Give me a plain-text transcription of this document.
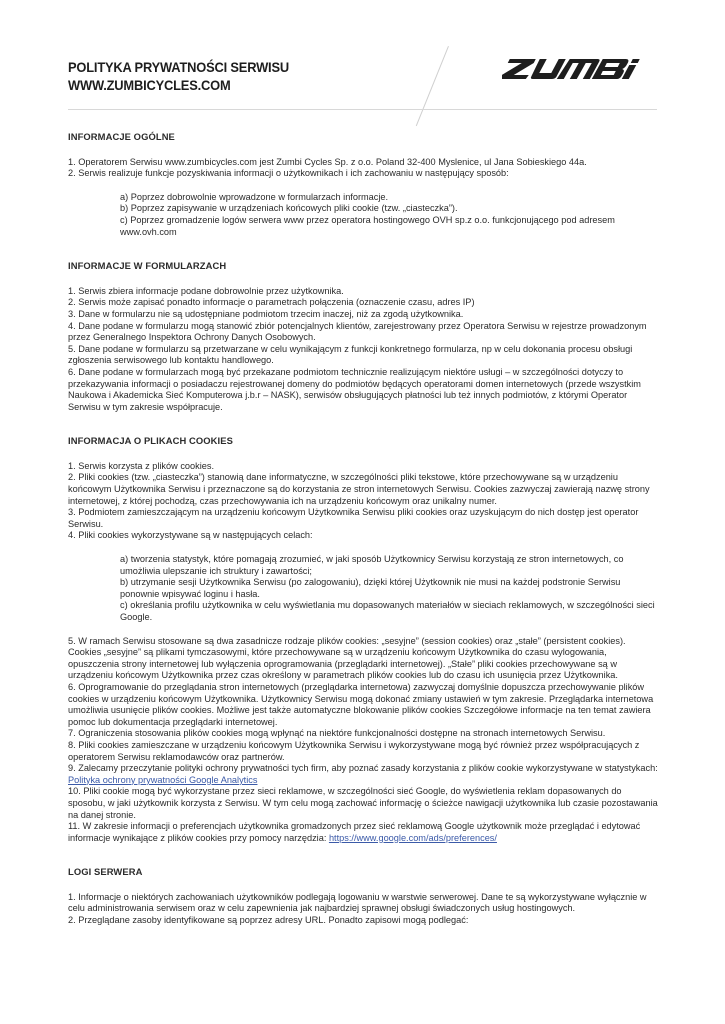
POLITYKA PRYWATNOŚCI SERWISU
WWW.ZUMBICYCLES.COM
INFORMACJE OGÓLNE

1. Operatorem Serwisu www.zumbicycles.com jest Zumbi Cycles Sp. z o.o. Poland 32-400 Myslenice, ul Jana Sobieskiego 44a.

2. Serwis realizuje funkcje pozyskiwania informacji o użytkownikach i ich zachowaniu w następujący sposób:

a) Poprzez dobrowolnie wprowadzone w formularzach informacje.

b) Poprzez zapisywanie w urządzeniach końcowych pliki cookie (tzw. „ciasteczka”).

c) Poprzez gromadzenie logów serwera www przez operatora hostingowego OVH sp.z o.o. funkcjonującego pod adresem www.ovh.com

INFORMACJE W FORMULARZACH

1. Serwis zbiera informacje podane dobrowolnie przez użytkownika.

2. Serwis może zapisać ponadto informacje o parametrach połączenia (oznaczenie czasu, adres IP)

3. Dane w formularzu nie są udostępniane podmiotom trzecim inaczej, niż za zgodą użytkownika.

4. Dane podane w formularzu mogą stanowić zbiór potencjalnych klientów, zarejestrowany przez Operatora Serwisu w rejestrze prowadzonym przez Generalnego Inspektora Ochrony Danych Osobowych.

5. Dane podane w formularzu są przetwarzane w celu wynikającym z funkcji konkretnego formularza, np w celu dokonania procesu obsługi zgłoszenia serwisowego lub kontaktu handlowego.

6. Dane podane w formularzach mogą być przekazane podmiotom technicznie realizującym niektóre usługi – w szczególności dotyczy to przekazywania informacji o posiadaczu rejestrowanej domeny do podmiotów będących operatorami domen internetowych (przede wszystkim Naukowa i Akademicka Sieć Komputerowa j.b.r – NASK), serwisów obsługujących płatności lub też innych podmiotów, z którymi Operator Serwisu w tym zakresie współpracuje.

INFORMACJA O PLIKACH COOKIES

1. Serwis korzysta z plików cookies.

2. Pliki cookies (tzw. „ciasteczka”) stanowią dane informatyczne, w szczególności pliki tekstowe, które przechowywane są w urządzeniu końcowym Użytkownika Serwisu i przeznaczone są do korzystania ze stron internetowych Serwisu. Cookies zazwyczaj zawierają nazwę strony internetowej, z której pochodzą, czas przechowywania ich na urządzeniu końcowym oraz unikalny numer.

3. Podmiotem zamieszczającym na urządzeniu końcowym Użytkownika Serwisu pliki cookies oraz uzyskującym do nich dostęp jest operator Serwisu.

4. Pliki cookies wykorzystywane są w następujących celach:

a) tworzenia statystyk, które pomagają zrozumieć, w jaki sposób Użytkownicy Serwisu korzystają ze stron internetowych, co umożliwia ulepszanie ich struktury i zawartości;

b) utrzymanie sesji Użytkownika Serwisu (po zalogowaniu), dzięki której Użytkownik nie musi na każdej podstronie Serwisu ponownie wpisywać loginu i hasła.

c) określania profilu użytkownika w celu wyświetlania mu dopasowanych materiałów w sieciach reklamowych, w szczególności sieci Google.

5. W ramach Serwisu stosowane są dwa zasadnicze rodzaje plików cookies: „sesyjne” (session cookies) oraz „stałe” (persistent cookies). Cookies „sesyjne” są plikami tymczasowymi, które przechowywane są w urządzeniu końcowym Użytkownika do czasu wylogowania, opuszczenia strony internetowej lub wyłączenia oprogramowania (przeglądarki internetowej). „Stałe” pliki cookies przechowywane są w urządzeniu końcowym Użytkownika przez czas określony w parametrach plików cookies lub do czasu ich usunięcia przez Użytkownika.

6. Oprogramowanie do przeglądania stron internetowych (przeglądarka internetowa) zazwyczaj domyślnie dopuszcza przechowywanie plików cookies w urządzeniu końcowym Użytkownika. Użytkownicy Serwisu mogą dokonać zmiany ustawień w tym zakresie. Przeglądarka internetowa umożliwia usunięcie plików cookies. Możliwe jest także automatyczne blokowanie plików cookies Szczegółowe informacje na ten temat zawiera pomoc lub dokumentacja przeglądarki internetowej.

7. Ograniczenia stosowania plików cookies mogą wpłynąć na niektóre funkcjonalności dostępne na stronach internetowych Serwisu.

8. Pliki cookies zamieszczane w urządzeniu końcowym Użytkownika Serwisu i wykorzystywane mogą być również przez współpracujących z operatorem Serwisu reklamodawców oraz partnerów.

9. Zalecamy przeczytanie polityki ochrony prywatności tych firm, aby poznać zasady korzystania z plików cookie wykorzystywane w statystykach: Polityka ochrony prywatności Google Analytics

10. Pliki cookie mogą być wykorzystane przez sieci reklamowe, w szczególności sieć Google, do wyświetlenia reklam dopasowanych do sposobu, w jaki użytkownik korzysta z Serwisu. W tym celu mogą zachować informację o ścieżce nawigacji użytkownika lub czasie pozostawania na danej stronie.

11. W zakresie informacji o preferencjach użytkownika gromadzonych przez sieć reklamową Google użytkownik może przeglądać i edytować informacje wynikające z plików cookies przy pomocy narzędzia: https://www.google.com/ads/preferences/

LOGI SERWERA

1. Informacje o niektórych zachowaniach użytkowników podlegają logowaniu w warstwie serwerowej. Dane te są wykorzystywane wyłącznie w celu administrowania serwisem oraz w celu zapewnienia jak najbardziej sprawnej obsługi świadczonych usług hostingowych.

2. Przeglądane zasoby identyfikowane są poprzez adresy URL. Ponadto zapisowi mogą podlegać:
